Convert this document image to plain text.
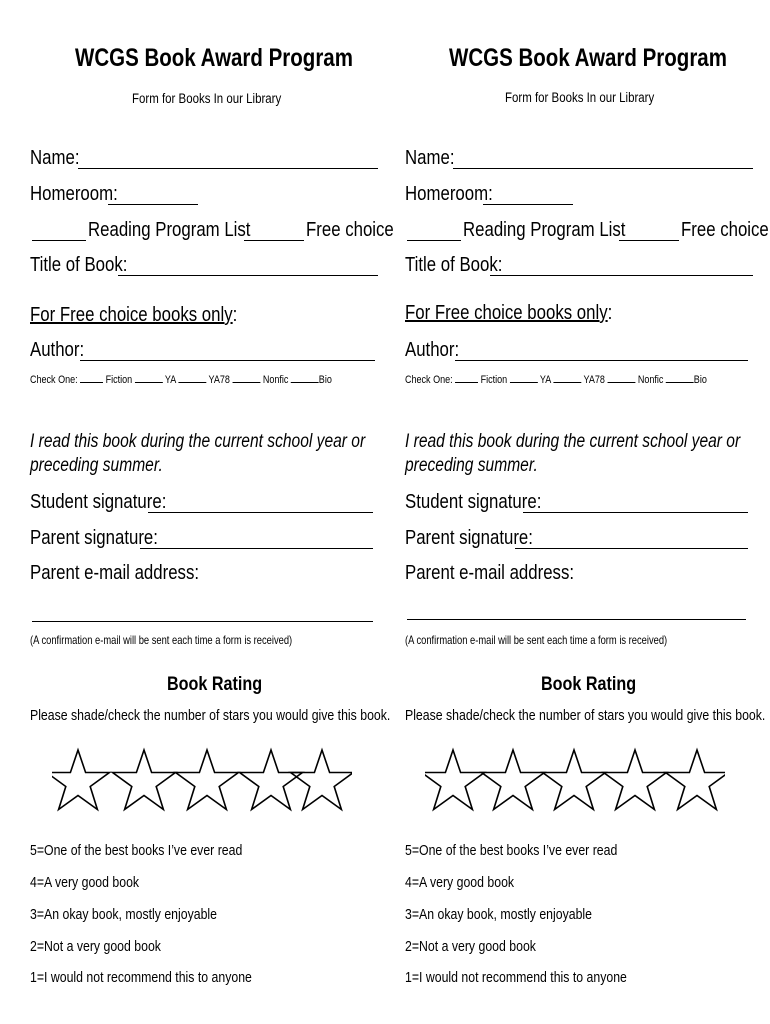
WCGS Book Award Program
Form for Books In our Library
Name:
Homeroom:
Reading Program List	Free choice
Title of Book:
For Free choice books only:
Author:
Check One:	Fiction	YA	YA78	Nonfic	Bio
I read this book during the current school year or preceding summer.
Student signature:
Parent signature:
Parent e-mail address:
(A confirmation e-mail will be sent each time a form is received)
Book Rating
Please shade/check the number of stars you would give this book.
5=One of the best books I’ve ever read
4=A very good book
3=An okay book, mostly enjoyable
2=Not a very good book
1=I would not recommend this to anyone
WCGS Book Award Program
Form for Books In our Library
Name:
Homeroom:
Reading Program List	Free choice
Title of Book:
For Free choice books only:
Author:
Check One:	Fiction	YA	YA78	Nonfic	Bio
I read this book during the current school year or preceding summer.
Student signature:
Parent signature:
Parent e-mail address:
(A confirmation e-mail will be sent each time a form is received)
Book Rating
Please shade/check the number of stars you would give this book.
5=One of the best books I’ve ever read
4=A very good book
3=An okay book, mostly enjoyable
2=Not a very good book
1=I would not recommend this to anyone
